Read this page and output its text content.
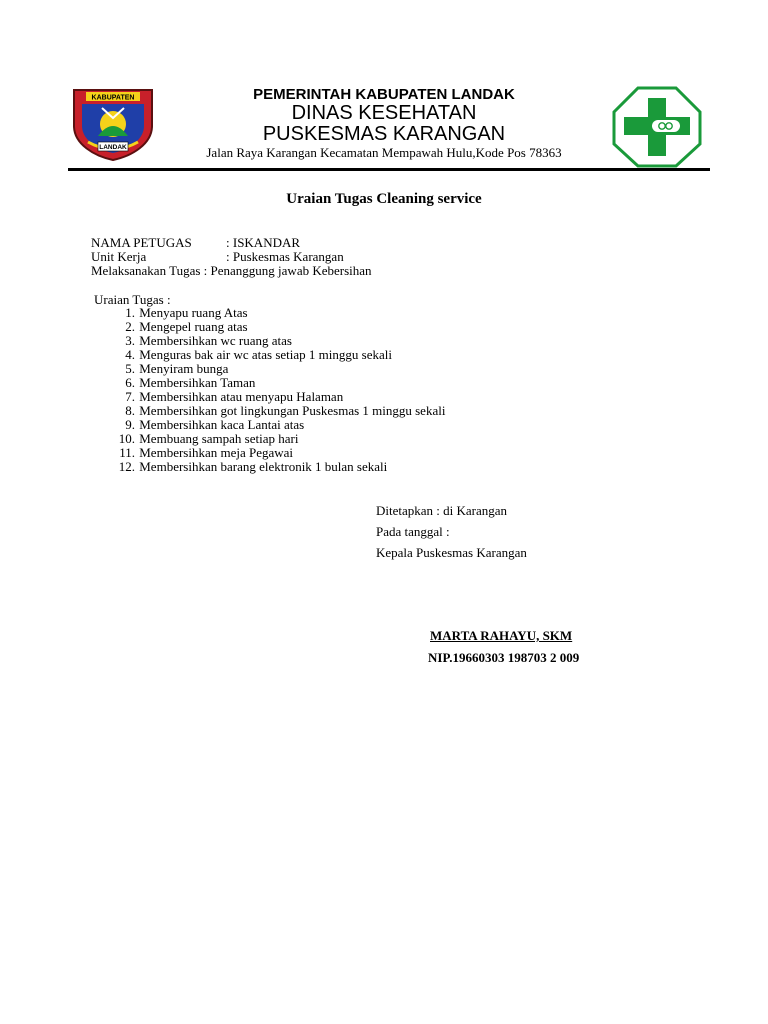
KABUPATEN
LANDAK
PEMERINTAH KABUPATEN LANDAK
DINAS KESEHATAN
PUSKESMAS KARANGAN
Jalan Raya Karangan Kecamatan Mempawah Hulu,Kode Pos 78363
Uraian Tugas Cleaning service
NAMA PETUGAS	: ISKANDAR
Unit Kerja	: Puskesmas Karangan
Melaksanakan Tugas : Penanggung jawab Kebersihan
Uraian Tugas :
1. Menyapu ruang Atas
2. Mengepel ruang atas
3. Membersihkan wc ruang atas
4. Menguras bak air wc atas setiap 1 minggu sekali
5. Menyiram bunga
6. Membersihkan Taman
7. Membersihkan atau menyapu Halaman
8. Membersihkan got lingkungan Puskesmas 1 minggu sekali
9. Membersihkan kaca Lantai atas
10. Membuang sampah setiap hari
11. Membersihkan meja Pegawai
12. Membersihkan barang elektronik 1 bulan sekali
Ditetapkan : di Karangan
Pada tanggal :
Kepala Puskesmas Karangan
MARTA RAHAYU, SKM
NIP.19660303 198703 2 009
